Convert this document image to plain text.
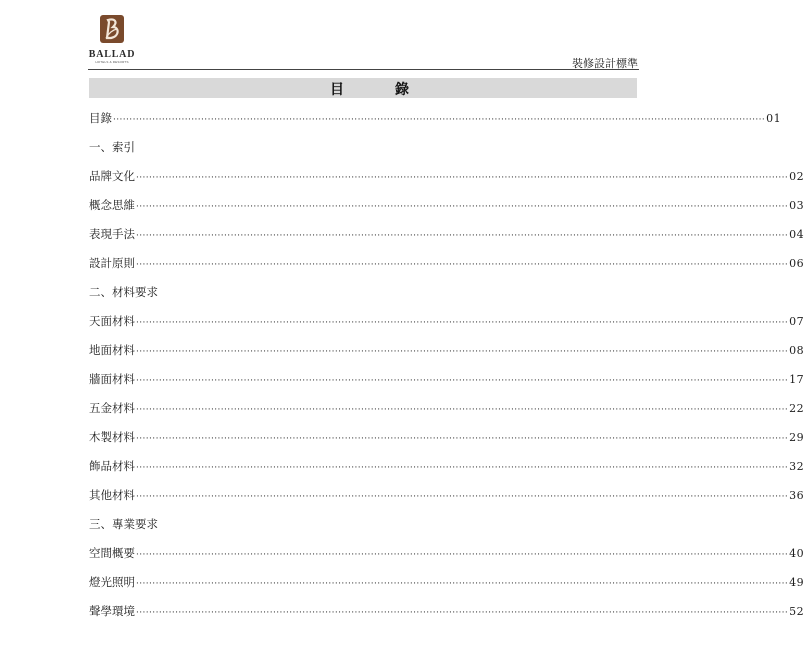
BALLAD
HOTELS & RESORTS	裝修設計標準
目	錄
目錄 ········································································································································································································ 01
一、索引
品牌文化 ········································································································································································································ 02
概念思維 ········································································································································································································ 03
表現手法 ········································································································································································································ 04
設計原則 ········································································································································································································ 06
二、材料要求
天面材料 ········································································································································································································ 07
地面材料 ········································································································································································································ 08
牆面材料 ········································································································································································································ 17
五金材料 ········································································································································································································ 22
木製材料 ········································································································································································································ 29
飾品材料 ········································································································································································································ 32
其他材料 ········································································································································································································ 36
三、專業要求
空間概要 ········································································································································································································ 40
燈光照明 ········································································································································································································ 49
聲學環境 ········································································································································································································ 52
